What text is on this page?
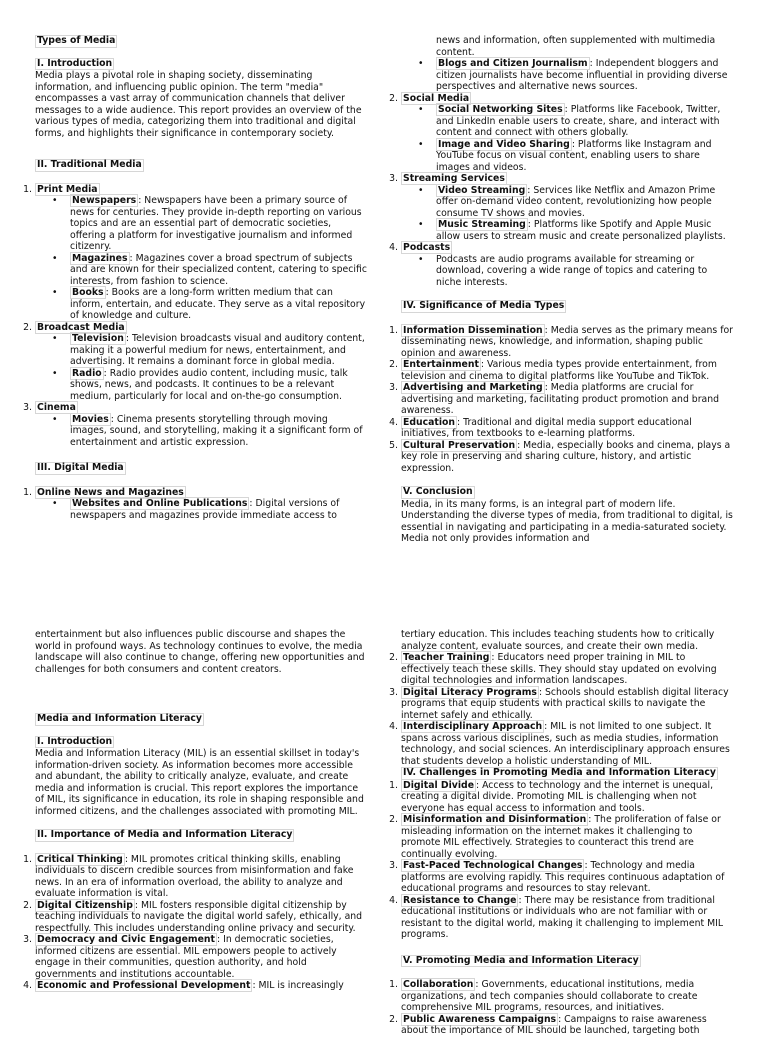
Types of Media

I. Introduction

Media plays a pivotal role in shaping society, disseminating information, and influencing public opinion. The term "media" encompasses a vast array of communication channels that deliver messages to a wide audience. This report provides an overview of the various types of media, categorizing them into traditional and digital forms, and highlights their significance in contemporary society.

II. Traditional Media

1. Print Media
• Newspapers : Newspapers have been a primary source of news for centuries. They provide in-depth reporting on various topics and are an essential part of democratic societies, offering a platform for investigative journalism and informed citizenry.
• Magazines : Magazines cover a broad spectrum of subjects and are known for their specialized content, catering to specific interests, from fashion to science.
• Books : Books are a long-form written medium that can inform, entertain, and educate. They serve as a vital repository of knowledge and culture.
2. Broadcast Media
• Television : Television broadcasts visual and auditory content, making it a powerful medium for news, entertainment, and advertising. It remains a dominant force in global media.
• Radio : Radio provides audio content, including music, talk shows, news, and podcasts. It continues to be a relevant medium, particularly for local and on-the-go consumption.
3. Cinema
• Movies : Cinema presents storytelling through moving images, sound, and storytelling, making it a significant form of entertainment and artistic expression.

III. Digital Media

1. Online News and Magazines
• Websites and Online Publications : Digital versions of newspapers and magazines provide immediate access to
news and information, often supplemented with multimedia content.
• Blogs and Citizen Journalism : Independent bloggers and citizen journalists have become influential in providing diverse perspectives and alternative news sources.
2. Social Media
• Social Networking Sites : Platforms like Facebook, Twitter, and LinkedIn enable users to create, share, and interact with content and connect with others globally.
• Image and Video Sharing : Platforms like Instagram and YouTube focus on visual content, enabling users to share images and videos.
3. Streaming Services
• Video Streaming : Services like Netflix and Amazon Prime offer on-demand video content, revolutionizing how people consume TV shows and movies.
• Music Streaming : Platforms like Spotify and Apple Music allow users to stream music and create personalized playlists.
4. Podcasts
• Podcasts are audio programs available for streaming or download, covering a wide range of topics and catering to niche interests.

IV. Significance of Media Types

1. Information Dissemination : Media serves as the primary means for disseminating news, knowledge, and information, shaping public opinion and awareness.
2. Entertainment : Various media types provide entertainment, from television and cinema to digital platforms like YouTube and TikTok.
3. Advertising and Marketing : Media platforms are crucial for advertising and marketing, facilitating product promotion and brand awareness.
4. Education : Traditional and digital media support educational initiatives, from textbooks to e-learning platforms.
5. Cultural Preservation : Media, especially books and cinema, plays a key role in preserving and sharing culture, history, and artistic expression.

V. Conclusion

Media, in its many forms, is an integral part of modern life. Understanding the diverse types of media, from traditional to digital, is essential in navigating and participating in a media-saturated society. Media not only provides information and

entertainment but also influences public discourse and shapes the world in profound ways. As technology continues to evolve, the media landscape will also continue to change, offering new opportunities and challenges for both consumers and content creators.

Media and Information Literacy

I. Introduction

Media and Information Literacy (MIL) is an essential skillset in today's information-driven society. As information becomes more accessible and abundant, the ability to critically analyze, evaluate, and create media and information is crucial. This report explores the importance of MIL, its significance in education, its role in shaping responsible and informed citizens, and the challenges associated with promoting MIL.

II. Importance of Media and Information Literacy

1. Critical Thinking : MIL promotes critical thinking skills, enabling individuals to discern credible sources from misinformation and fake news. In an era of information overload, the ability to analyze and evaluate information is vital.
2. Digital Citizenship : MIL fosters responsible digital citizenship by teaching individuals to navigate the digital world safely, ethically, and respectfully. This includes understanding online privacy and security.
3. Democracy and Civic Engagement : In democratic societies, informed citizens are essential. MIL empowers people to actively engage in their communities, question authority, and hold governments and institutions accountable.
4. Economic and Professional Development : MIL is increasingly

tertiary education. This includes teaching students how to critically analyze content, evaluate sources, and create their own media.

2. Teacher Training : Educators need proper training in MIL to effectively teach these skills. They should stay updated on evolving digital technologies and information landscapes.
3. Digital Literacy Programs : Schools should establish digital literacy programs that equip students with practical skills to navigate the internet safely and ethically.
4. Interdisciplinary Approach : MIL is not limited to one subject. It spans across various disciplines, such as media studies, information technology, and social sciences. An interdisciplinary approach ensures that students develop a holistic understanding of MIL.

IV. Challenges in Promoting Media and Information Literacy

1. Digital Divide : Access to technology and the internet is unequal, creating a digital divide. Promoting MIL is challenging when not everyone has equal access to information and tools.
2. Misinformation and Disinformation : The proliferation of false or misleading information on the internet makes it challenging to promote MIL effectively. Strategies to counteract this trend are continually evolving.
3. Fast-Paced Technological Changes : Technology and media platforms are evolving rapidly. This requires continuous adaptation of educational programs and resources to stay relevant.
4. Resistance to Change : There may be resistance from traditional educational institutions or individuals who are not familiar with or resistant to the digital world, making it challenging to implement MIL programs.

V. Promoting Media and Information Literacy

1. Collaboration : Governments, educational institutions, media organizations, and tech companies should collaborate to create comprehensive MIL programs, resources, and initiatives.
2. Public Awareness Campaigns : Campaigns to raise awareness about the importance of MIL should be launched, targeting both
